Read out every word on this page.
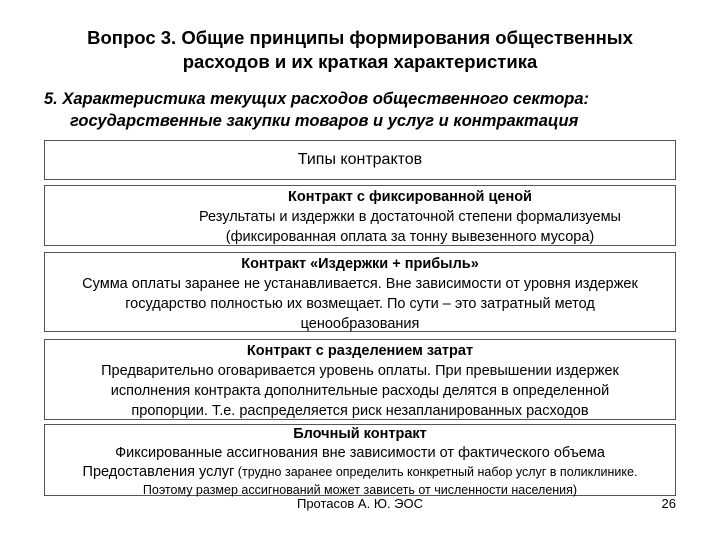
Вопрос 3. Общие принципы формирования общественных
расходов и их краткая характеристика
5. Характеристика текущих расходов общественного сектора:
государственные закупки товаров и услуг и контрактация
Типы контрактов
Контракт с фиксированной ценой
Результаты и издержки в достаточной степени формализуемы
(фиксированная оплата за тонну вывезенного мусора)
Контракт «Издержки + прибыль»
Сумма оплаты заранее не устанавливается. Вне зависимости от уровня издержек
государство полностью их возмещает. По сути – это затратный метод
ценообразования
Контракт с разделением затрат
Предварительно оговаривается уровень оплаты. При превышении издержек
исполнения контракта дополнительные расходы делятся в определенной
пропорции. Т.е. распределяется риск незапланированных расходов
Блочный контракт
Фиксированные ассигнования вне зависимости от фактического объема
Предоставления услуг (трудно заранее определить конкретный набор услуг в поликлинике.
Поэтому размер ассигнований может зависеть от численности населения)
Протасов А. Ю. ЭОС	26
